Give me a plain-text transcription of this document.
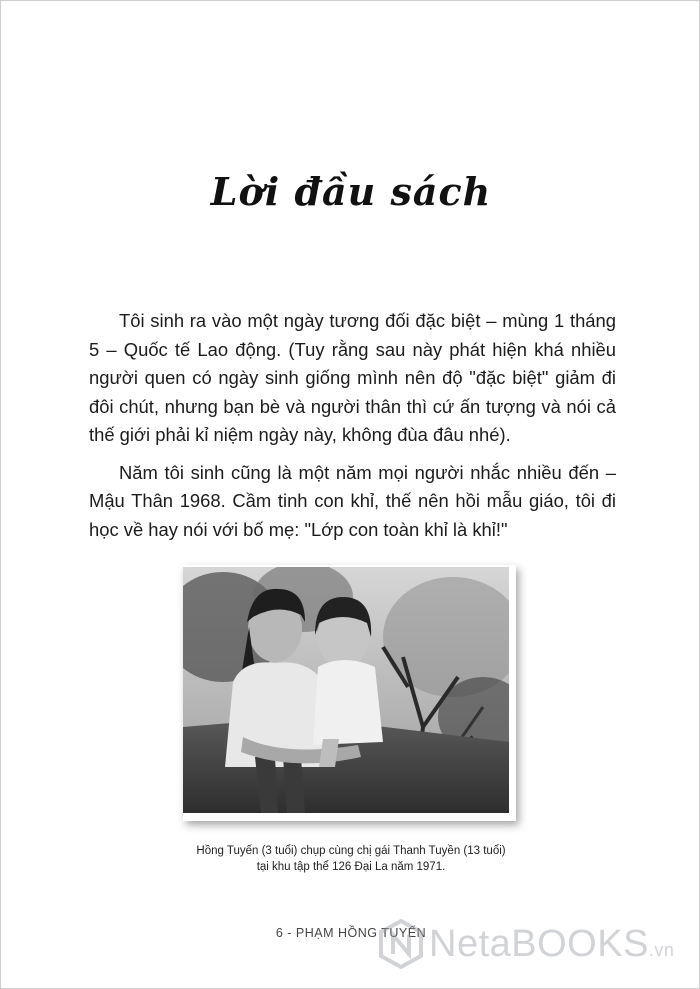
Lời đầu sách

Tôi sinh ra vào một ngày tương đối đặc biệt – mùng 1 tháng 5 – Quốc tế Lao động. (Tuy rằng sau này phát hiện khá nhiều người quen có ngày sinh giống mình nên độ "đặc biệt" giảm đi đôi chút, nhưng bạn bè và người thân thì cứ ấn tượng và nói cả thế giới phải kỉ niệm ngày này, không đùa đâu nhé).

Năm tôi sinh cũng là một năm mọi người nhắc nhiều đến – Mậu Thân 1968. Cầm tinh con khỉ, thế nên hồi mẫu giáo, tôi đi học về hay nói với bố mẹ: "Lớp con toàn khỉ là khỉ!"

Hồng Tuyến (3 tuổi) chụp cùng chị gái Thanh Tuyền (13 tuổi)
tại khu tập thể 126 Đại La năm 1971.
6 - PHẠM HỒNG TUYẾN NetaBOOKS.vn
